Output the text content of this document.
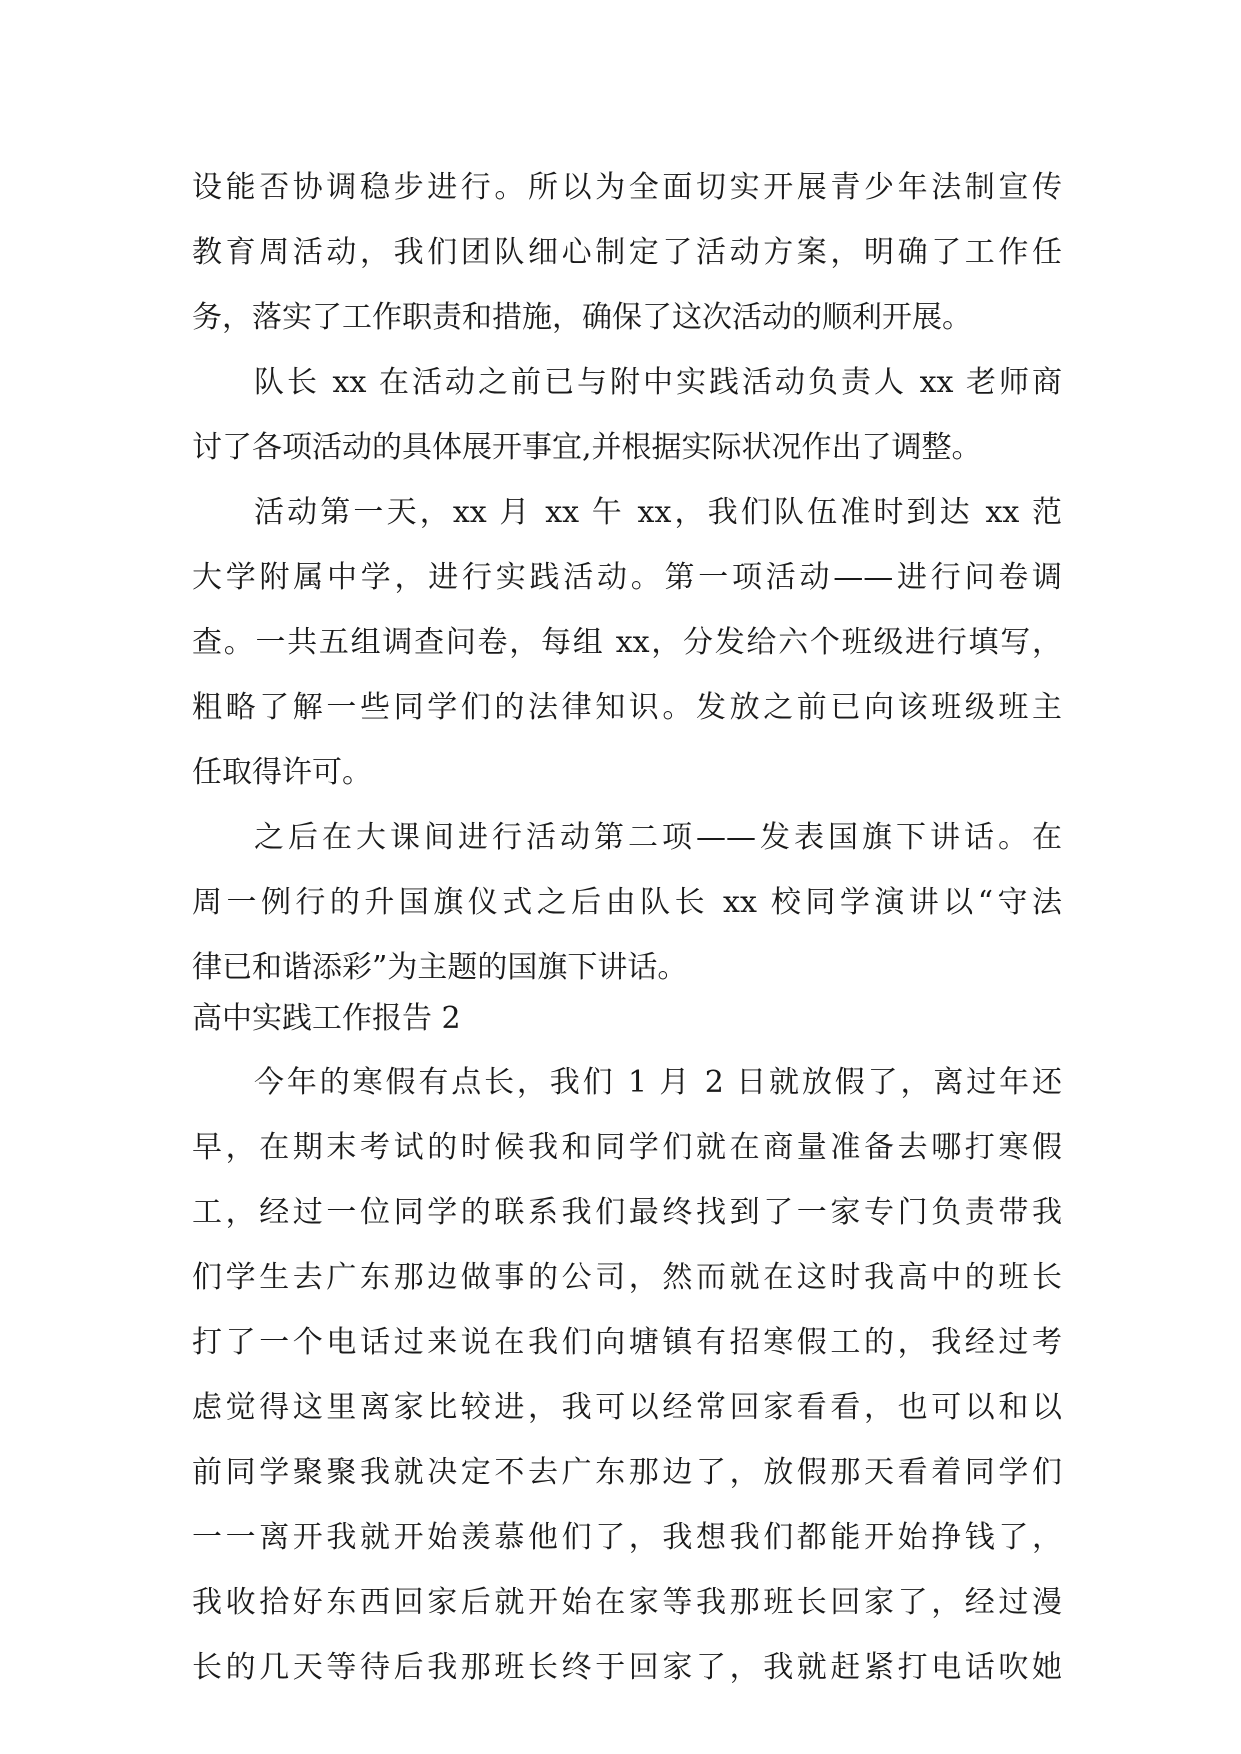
设能否协调稳步进行。所以为全面切实开展青少年法制宣传
教育周活动，我们团队细心制定了活动方案，明确了工作任
务，落实了工作职责和措施，确保了这次活动的顺利开展。
队长 xx 在活动之前已与附中实践活动负责人 xx 老师商
讨了各项活动的具体展开事宜,并根据实际状况作出了调整。
活动第一天，xx 月 xx 午 xx，我们队伍准时到达 xx 范
大学附属中学，进行实践活动。第一项活动——进行问卷调
查。一共五组调查问卷，每组 xx，分发给六个班级进行填写，
粗略了解一些同学们的法律知识。发放之前已向该班级班主
任取得许可。
之后在大课间进行活动第二项——发表国旗下讲话。在
周一例行的升国旗仪式之后由队长 xx 校同学演讲以“守法
律已和谐添彩”为主题的国旗下讲话。
高中实践工作报告 2
今年的寒假有点长，我们 1 月 2 日就放假了，离过年还
早，在期末考试的时候我和同学们就在商量准备去哪打寒假
工，经过一位同学的联系我们最终找到了一家专门负责带我
们学生去广东那边做事的公司，然而就在这时我高中的班长
打了一个电话过来说在我们向塘镇有招寒假工的，我经过考
虑觉得这里离家比较进，我可以经常回家看看，也可以和以
前同学聚聚我就决定不去广东那边了，放假那天看着同学们
一一离开我就开始羡慕他们了，我想我们都能开始挣钱了，
我收拾好东西回家后就开始在家等我那班长回家了，经过漫
长的几天等待后我那班长终于回家了，我就赶紧打电话吹她
